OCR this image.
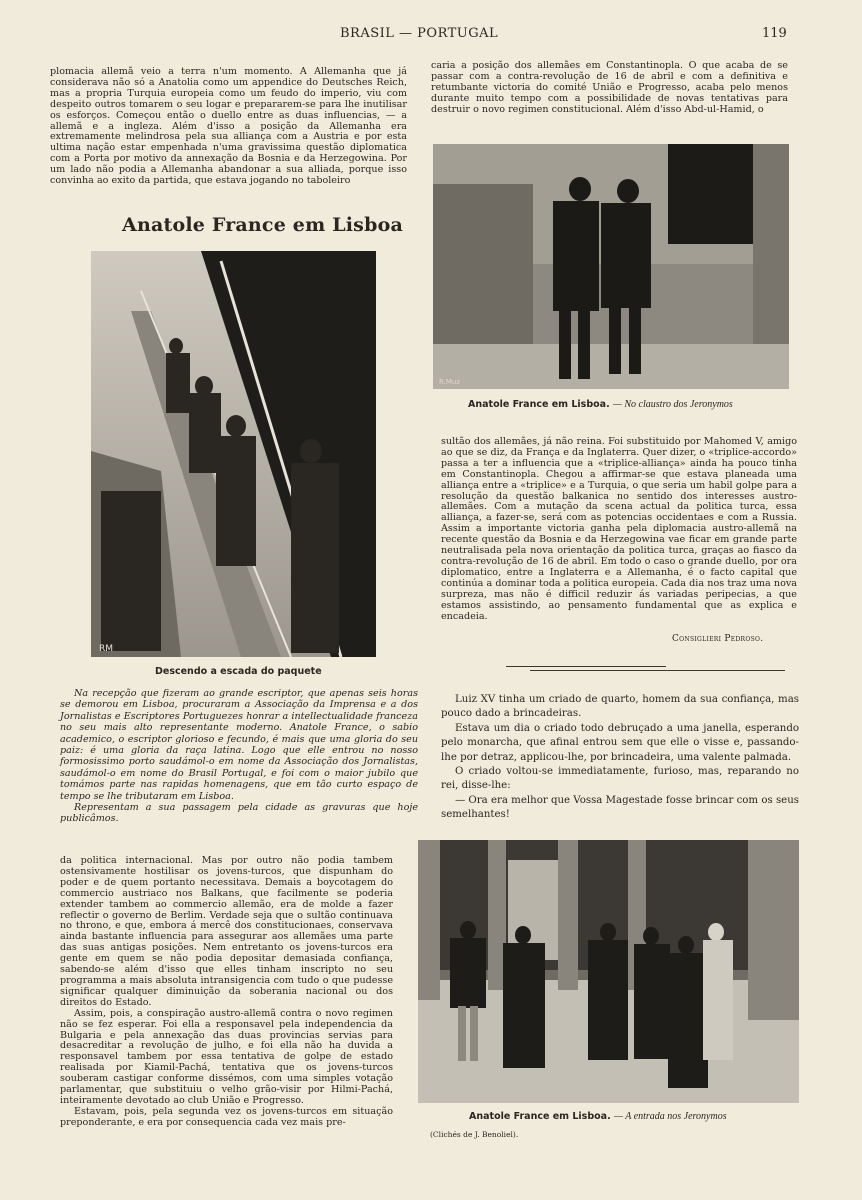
BRASIL — PORTUGAL	119

plomacia allemã veio a terra n'um momento. A Allemanha que já considerava não só a Anatolia como um appendice do Deutsches Reich, mas a propria Turquia europeia como um feudo do imperio, viu com despeito outros tomarem o seu logar e prepararem-se para lhe inutilisar os esforços. Começou então o duello entre as duas influencias, — a allemã e a ingleza. Além d'isso a posição da Allemanha era extremamente melindrosa pela sua alliança com a Austria e por esta ultima nação estar empenhada n'uma gravissima questão diplomatica com a Porta por motivo da annexação da Bosnia e da Herzegowina. Por um lado não podia a Allemanha abandonar a sua alliada, porque isso convinha ao exito da partida, que estava jogando no taboleiro

Anatole France em Lisboa
RM
Descendo a escada do paquete

Na recepção que fizeram ao grande escriptor, que apenas seis horas se demorou em Lisboa, procuraram a Associação da Imprensa e a dos Jornalistas e Escriptores Portuguezes honrar a intellectualidade franceza no seu mais alto representante moderno. Anatole France, o sabio academico, o escriptor glorioso e fecundo, é mais que uma gloria do seu paiz: é uma gloria da raça latina. Logo que elle entrou no nosso formosissimo porto saudámol-o em nome da Associação dos Jornalistas, saudámol-o em nome do Brasil Portugal, e foi com o maior jubilo que tomámos parte nas rapidas homenagens, que em tão curto espaço de tempo se lhe tributaram em Lisboa.

Representam a sua passagem pela cidade as gravuras que hoje publicâmos.

da politica internacional. Mas por outro não podia tambem ostensivamente hostilisar os jovens-turcos, que dispunham do poder e de quem portanto necessitava. Demais a boycotagem do commercio austriaco nos Balkans, que facilmente se poderia extender tambem ao commercio allemão, era de molde a fazer reflectir o governo de Berlim. Verdade seja que o sultão continuava no throno, e que, embora á mercê dos constitucionaes, conservava ainda bastante influencia para assegurar aos allemães uma parte das suas antigas posições. Nem entretanto os jovens-turcos era gente em quem se não podia depositar demasiada confiança, sabendo-se além d'isso que elles tinham inscripto no seu programma a mais absoluta intransigencia com tudo o que pudesse significar qualquer diminuição da soberania nacional ou dos direitos do Estado.

Assim, pois, a conspiração austro-allemã contra o novo regimen não se fez esperar. Foi ella a responsavel pela independencia da Bulgaria e pela annexação das duas provincias servias para desacreditar a revolução de julho, e foi ella não ha duvida a responsavel tambem por essa tentativa de golpe de estado realisada por Kiamil-Pachá, tentativa que os jovens-turcos souberam castigar conforme dissémos, com uma simples votação parlamentar, que substituiu o velho grão-visir por Hilmi-Pachá, inteiramente devotado ao club União e Progresso.

Estavam, pois, pela segunda vez os jovens-turcos em situação preponderante, e era por consequencia cada vez mais pre-

caria a posição dos allemães em Constantinopla. O que acaba de se passar com a contra-revolução de 16 de abril e com a definitiva e retumbante victoria do comité União e Progresso, acaba pelo menos durante muito tempo com a possibilidade de novas tentativas para destruir o novo regimen constitucional. Além d'isso Abd-ul-Hamid, o

R.Muz
Anatole France em Lisboa. — No claustro dos Jeronymos

sultão dos allemães, já não reina. Foi substituido por Mahomed V, amigo ao que se diz, da França e da Inglaterra. Quer dizer, o «triplice-accordo» passa a ter a influencia que a «triplice-alliança» ainda ha pouco tinha em Constantinopla. Chegou a affirmar-se que estava planeada uma alliança entre a «triplice» e a Turquia, o que seria um habil golpe para a resolução da questão balkanica no sentido dos interesses austro-allemães. Com a mutação da scena actual da politica turca, essa alliança, a fazer-se, será com as potencias occidentaes e com a Russia. Assim a importante victoria ganha pela diplomacia austro-allemã na recente questão da Bosnia e da Herzegowina vae ficar em grande parte neutralisada pela nova orientação da politica turca, graças ao fiasco da contra-revolução de 16 de abril. Em todo o caso o grande duello, por ora diplomatico, entre a Inglaterra e a Allemanha, é o facto capital que continúa a dominar toda a politica europeia. Cada dia nos traz uma nova surpreza, mas não é difficil reduzir ás variadas peripecias, a que estamos assistindo, ao pensamento fundamental que as explica e encadeia.

Consiglieri Pedroso.

Luiz XV tinha um criado de quarto, homem da sua confiança, mas pouco dado a brincadeiras.

Estava um dia o criado todo debruçado a uma janella, esperando pelo monarcha, que afinal entrou sem que elle o visse e, passando-lhe por detraz, applicou-lhe, por brincadeira, uma valente palmada.

O criado voltou-se immediatamente, furioso, mas, reparando no rei, disse-lhe:

— Ora era melhor que Vossa Magestade fosse brincar com os seus semelhantes!

Anatole France em Lisboa. — A entrada nos Jeronymos
(Clichés de J. Benoliel).
